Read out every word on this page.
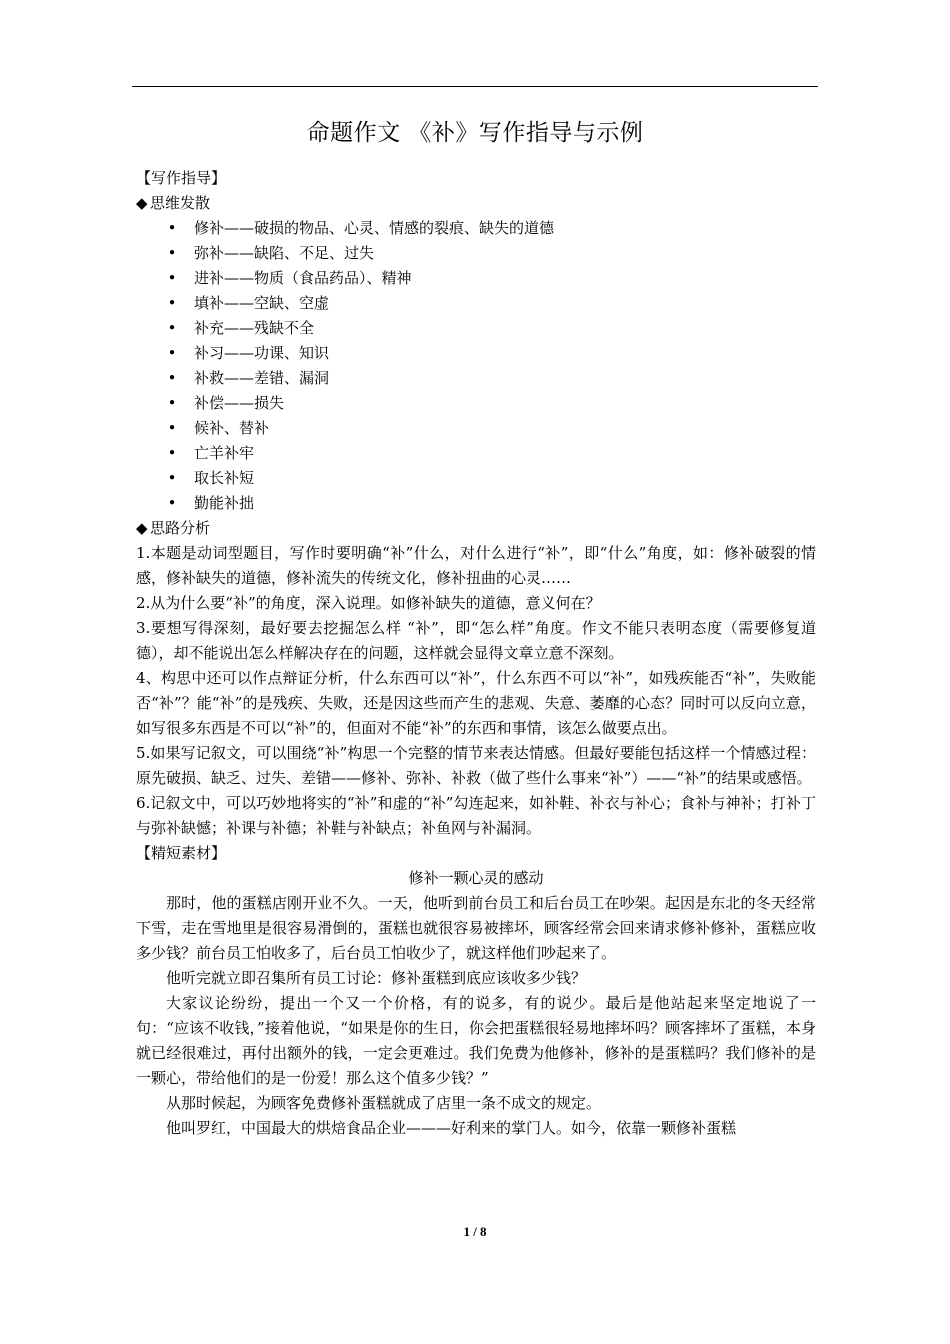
命题作文 《补》写作指导与示例

【写作指导】

◆ 思维发散

• 修补——破损的物品、心灵、情感的裂痕、缺失的道德
• 弥补——缺陷、不足、过失
• 进补——物质（食品药品）、精神
• 填补——空缺、空虚
• 补充——残缺不全
• 补习——功课、知识
• 补救——差错、漏洞
• 补偿——损失
• 候补、替补
• 亡羊补牢
• 取长补短
• 勤能补拙

◆ 思路分析

1.本题是动词型题目，写作时要明确“补”什么，对什么进行“补”，即“什么”角度，如：修补破裂的情感，修补缺失的道德，修补流失的传统文化，修补扭曲的心灵……

2.从为什么要“补”的角度，深入说理。如修补缺失的道德，意义何在？

3.要想写得深刻，最好要去挖掘怎么样 “补”，即“怎么样”角度。作文不能只表明态度（需要修复道德），却不能说出怎么样解决存在的问题，这样就会显得文章立意不深刻。

4、构思中还可以作点辩证分析，什么东西可以“补”，什么东西不可以“补”，如残疾能否“补”，失败能否“补”？能“补”的是残疾、失败，还是因这些而产生的悲观、失意、萎靡的心态？同时可以反向立意，如写很多东西是不可以“补”的，但面对不能“补”的东西和事情，该怎么做要点出。

5.如果写记叙文，可以围绕“补”构思一个完整的情节来表达情感。但最好要能包括这样一个情感过程：原先破损、缺乏、过失、差错——修补、弥补、补救（做了些什么事来“补”）——“补”的结果或感悟。

6.记叙文中，可以巧妙地将实的“补”和虚的“补”勾连起来，如补鞋、补衣与补心；食补与神补；打补丁与弥补缺憾；补课与补德；补鞋与补缺点；补鱼网与补漏洞。

【精短素材】

修补一颗心灵的感动

那时，他的蛋糕店刚开业不久。一天，他听到前台员工和后台员工在吵架。起因是东北的冬天经常下雪，走在雪地里是很容易滑倒的，蛋糕也就很容易被摔坏，顾客经常会回来请求修补修补，蛋糕应收多少钱？前台员工怕收多了，后台员工怕收少了，就这样他们吵起来了。

他听完就立即召集所有员工讨论：修补蛋糕到底应该收多少钱？

大家议论纷纷，提出一个又一个价格，有的说多，有的说少。最后是他站起来坚定地说了一句：“应该不收钱，”接着他说，“如果是你的生日，你会把蛋糕很轻易地摔坏吗？顾客摔坏了蛋糕，本身就已经很难过，再付出额外的钱，一定会更难过。我们免费为他修补，修补的是蛋糕吗？我们修补的是一颗心，带给他们的是一份爱！那么这个值多少钱？”

从那时候起，为顾客免费修补蛋糕就成了店里一条不成文的规定。

他叫罗红，中国最大的烘焙食品企业———好利来的掌门人。如今，依靠一颗修补蛋糕

1 / 8
